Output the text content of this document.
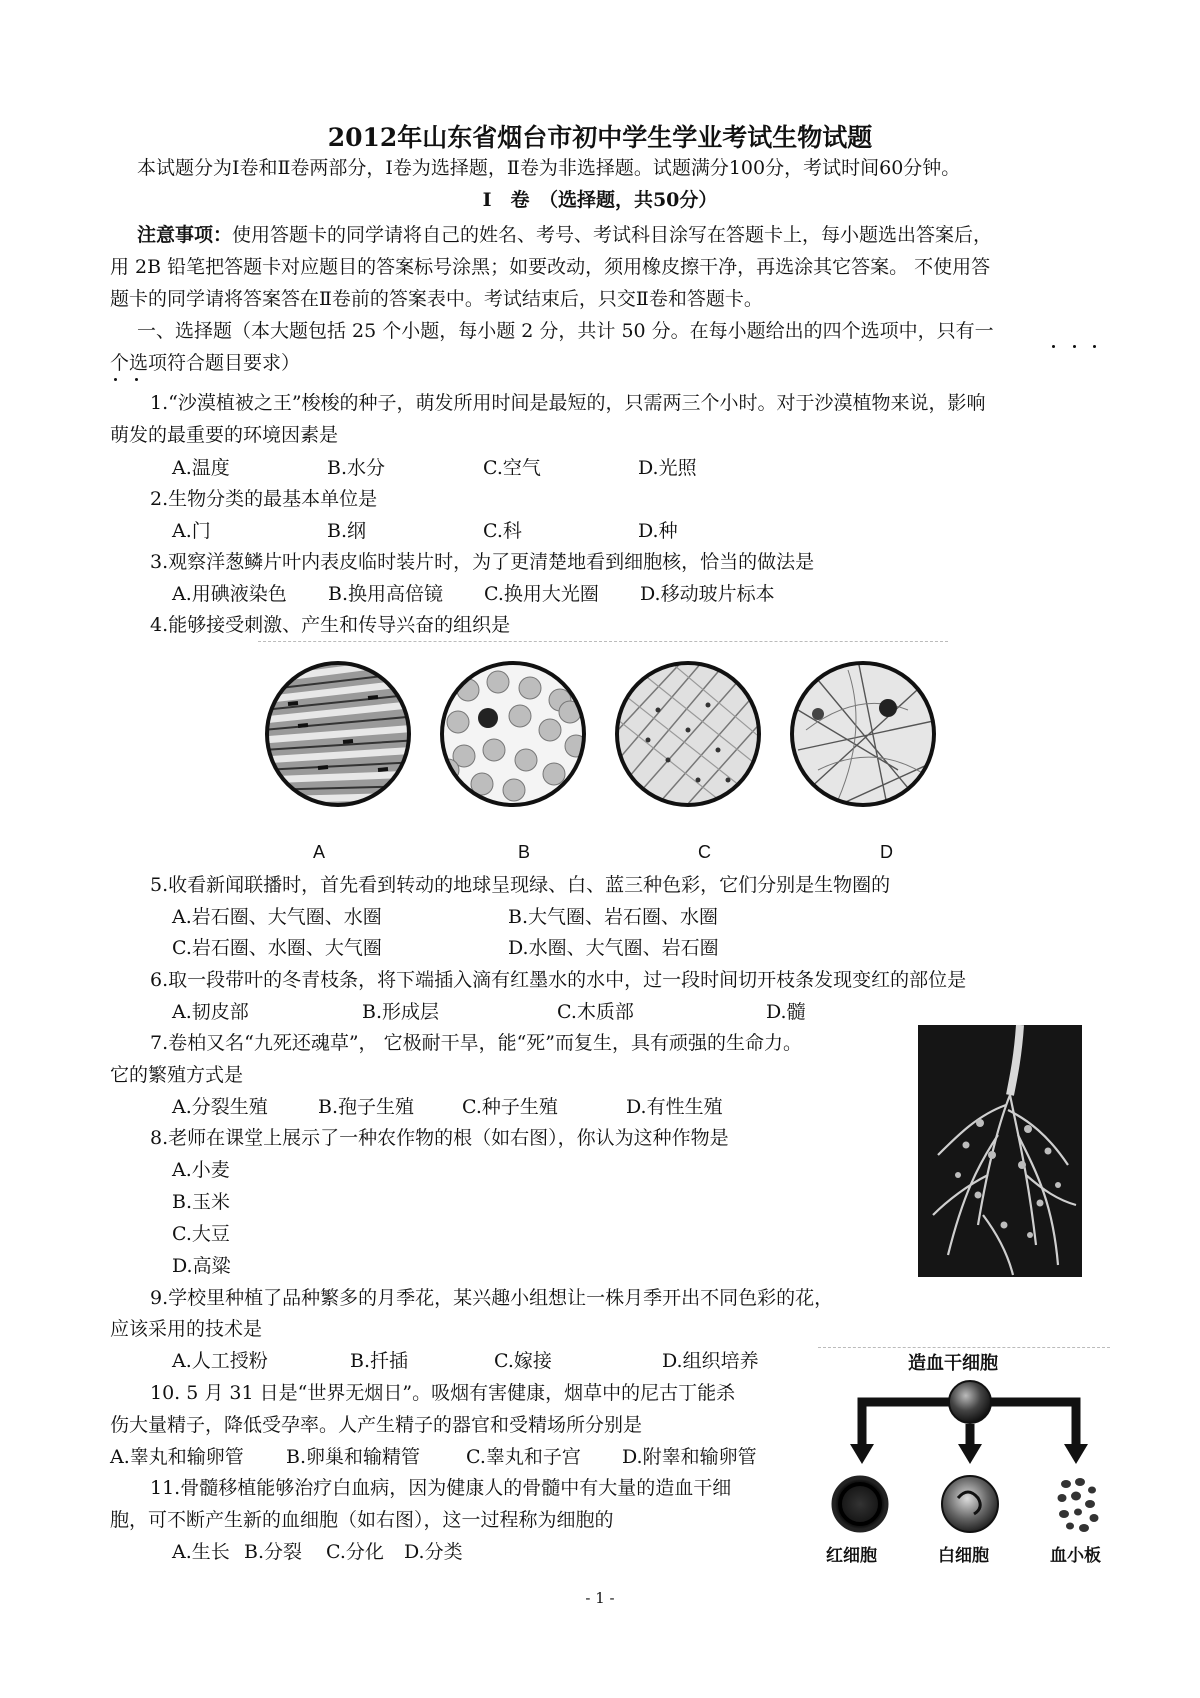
2012年山东省烟台市初中学生学业考试生物试题
本试题分为Ⅰ卷和Ⅱ卷两部分，Ⅰ卷为选择题，Ⅱ卷为非选择题。试题满分100分，考试时间60分钟。
Ⅰ　卷　（选择题，共50分）
注意事项：使用答题卡的同学请将自己的姓名、考号、考试科目涂写在答题卡上，每小题选出答案后，
用 2B 铅笔把答题卡对应题目的答案标号涂黑；如要改动，须用橡皮擦干净，再选涂其它答案。 不使用答
题卡的同学请将答案答在Ⅱ卷前的答案表中。考试结束后，只交Ⅱ卷和答题卡。
一、选择题（本大题包括 25 个小题，每小题 2 分，共计 50 分。在每小题给出的四个选项中，只有一
个选项符合题目要求）
1.“沙漠植被之王”梭梭的种子，萌发所用时间是最短的，只需两三个小时。对于沙漠植物来说，影响
萌发的最重要的环境因素是
A.温度	B.水分	C.空气	D.光照
2.生物分类的最基本单位是
A.门	B.纲	C.科	D.种
3.观察洋葱鳞片叶内表皮临时装片时，为了更清楚地看到细胞核，恰当的做法是
A.用碘液染色 B.换用高倍镜 C.换用大光圈 D.移动玻片标本
4.能够接受刺激、产生和传导兴奋的组织是
A	B	C	D
5.收看新闻联播时，首先看到转动的地球呈现绿、白、蓝三种色彩，它们分别是生物圈的
A.岩石圈、大气圈、水圈	B.大气圈、岩石圈、水圈
C.岩石圈、水圈、大气圈	D.水圈、大气圈、岩石圈
6.取一段带叶的冬青枝条，将下端插入滴有红墨水的水中，过一段时间切开枝条发现变红的部位是
A.韧皮部	B.形成层	C.木质部	D.髓
7.卷柏又名“九死还魂草”， 它极耐干旱，能“死”而复生，具有顽强的生命力。
它的繁殖方式是
A.分裂生殖	B.孢子生殖	C.种子生殖	D.有性生殖
8.老师在课堂上展示了一种农作物的根（如右图），你认为这种作物是
A.小麦
B.玉米
C.大豆
D.高粱
9.学校里种植了品种繁多的月季花，某兴趣小组想让一株月季开出不同色彩的花，
应该采用的技术是
A.人工授粉	B.扦插	C.嫁接	D.组织培养
10. 5 月 31 日是“世界无烟日”。吸烟有害健康，烟草中的尼古丁能杀
伤大量精子，降低受孕率。人产生精子的器官和受精场所分别是
A.睾丸和输卵管 B.卵巢和输精管 C.睾丸和子宫 D.附睾和输卵管
11.骨髓移植能够治疗白血病，因为健康人的骨髓中有大量的造血干细
胞，可不断产生新的血细胞（如右图），这一过程称为细胞的
A.生长 B.分裂 C.分化 D.分类
造血干细胞
红细胞	白细胞	血小板
- 1 -
